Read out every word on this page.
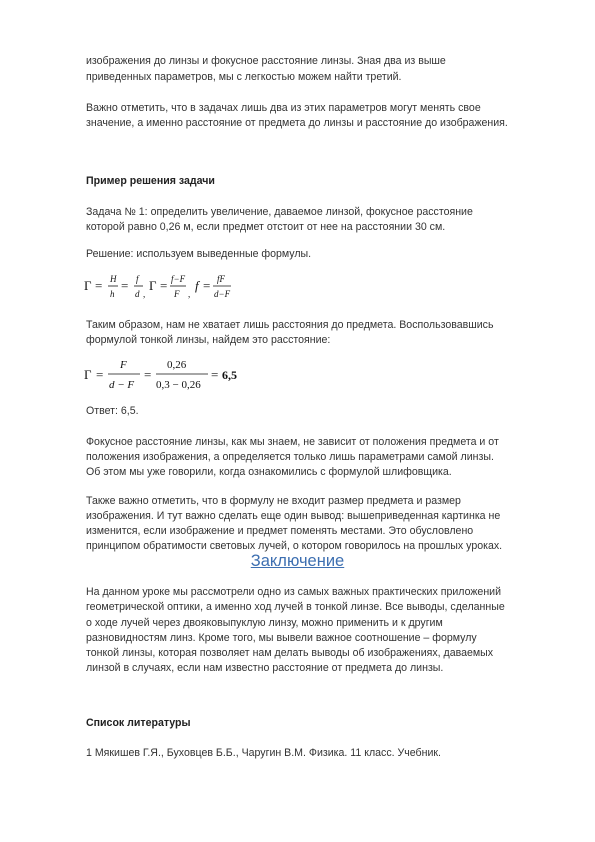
изображения до линзы и фокусное расстояние линзы. Зная два из выше
приведенных параметров, мы с легкостью можем найти третий.
Важно отметить, что в задачах лишь два из этих параметров могут менять свое
значение, а именно расстояние от предмета до линзы и расстояние до изображения.
Пример решения задачи
Задача № 1: определить увеличение, даваемое линзой, фокусное расстояние
которой равно 0,26 м, если предмет отстоит от нее на расстоянии 30 см.
Решение: используем выведенные формулы.
Г = H
h
= f
d ,
Г = f−F
F ,
f = fF
d−F
Таким образом, нам не хватает лишь расстояния до предмета. Воспользовавшись
формулой тонкой линзы, найдем это расстояние:
Г =
F
d − F
=
0,26
0,3 − 0,26
= 6,5
Ответ: 6,5.
Фокусное расстояние линзы, как мы знаем, не зависит от положения предмета и от
положения изображения, а определяется только лишь параметрами самой линзы.
Об этом мы уже говорили, когда ознакомились с формулой шлифовщика.
Также важно отметить, что в формулу не входит размер предмета и размер
изображения. И тут важно сделать еще один вывод: вышеприведенная картинка не
изменится, если изображение и предмет поменять местами. Это обусловлено
принципом обратимости световых лучей, о котором говорилось на прошлых уроках.
Заключение
На данном уроке мы рассмотрели одно из самых важных практических приложений
геометрической оптики, а именно ход лучей в тонкой линзе. Все выводы, сделанные
о ходе лучей через двояковыпуклую линзу, можно применить и к другим
разновидностям линз. Кроме того, мы вывели важное соотношение – формулу
тонкой линзы, которая позволяет нам делать выводы об изображениях, даваемых
линзой в случаях, если нам известно расстояние от предмета до линзы.
Список литературы
1 Мякишев Г.Я., Буховцев Б.Б., Чаругин В.М. Физика. 11 класс. Учебник.
